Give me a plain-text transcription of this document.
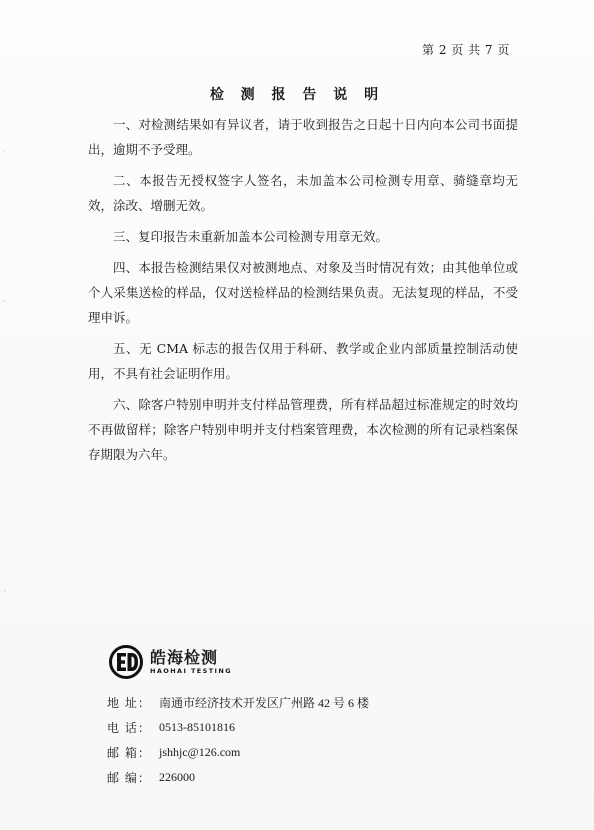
第 2 页 共 7 页
检 测 报 告 说 明

一、对检测结果如有异议者，请于收到报告之日起十日内向本公司书面提出，逾期不予受理。

二、本报告无授权签字人签名，未加盖本公司检测专用章、骑缝章均无效，涂改、增删无效。

三、复印报告未重新加盖本公司检测专用章无效。

四、本报告检测结果仅对被测地点、对象及当时情况有效；由其他单位或个人采集送检的样品，仅对送检样品的检测结果负责。无法复现的样品，不受理申诉。

五、无 CMA 标志的报告仅用于科研、教学或企业内部质量控制活动使用，不具有社会证明作用。

六、除客户特别申明并支付样品管理费，所有样品超过标准规定的时效均不再做留样；除客户特别申明并支付档案管理费，本次检测的所有记录档案保存期限为六年。

皓海检测
HAOHAI TESTING
地 址： 南通市经济技术开发区广州路 42 号 6 楼
电 话： 0513-85101816
邮 箱： jshhjc@126.com
邮 编： 226000
